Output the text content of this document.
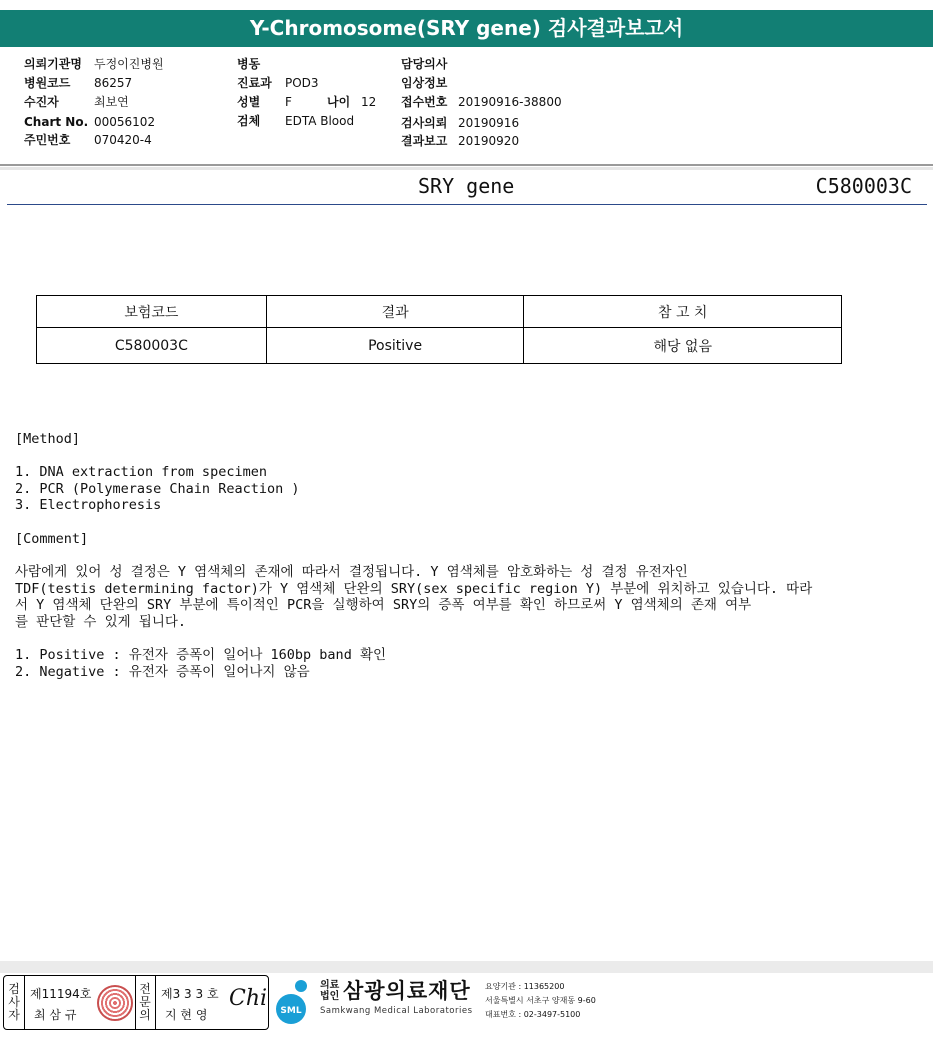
Y-Chromosome(SRY gene) 검사결과보고서
의뢰기관명 두정이진병원
병원코드 86257
수진자	최보연
Chart No. 00056102
주민번호 070420-4
병동
진료과 POD3
성별 F	나이 12
검체 EDTA Blood
담당의사
임상정보
접수번호 20190916-38800
검사의뢰 20190916
결과보고 20190920
SRY gene	C580003C
보험코드	결과	참 고 치
C580003C	Positive	해당 없음
[Method]
1. DNA extraction from specimen
2. PCR (Polymerase Chain Reaction )
3. Electrophoresis
[Comment]
사람에게 있어 성 결정은 Y 염색체의 존재에 따라서 결정됩니다. Y 염색체를 암호화하는 성 결정 유전자인
TDF(testis determining factor)가 Y 염색체 단완의 SRY(sex specific region Y) 부분에 위치하고 있습니다. 따라
서 Y 염색체 단완의 SRY 부분에 특이적인 PCR을 실행하여 SRY의 증폭 여부를 확인 하므로써 Y 염색체의 존재 여부
를 판단할 수 있게 됩니다.
1. Positive : 유전자 증폭이 일어나 160bp band 확인
2. Negative : 유전자 증폭이 일어나지 않음
검사자
제11194호
최 삼 규
전문의
제3 3 3 호
지 현 영
Chi SML
의료법인 삼광의료재단
Samkwang Medical Laboratories
요양기관 : 11365200
서울특별시 서초구 양재동 9-60
대표번호 : 02-3497-5100
